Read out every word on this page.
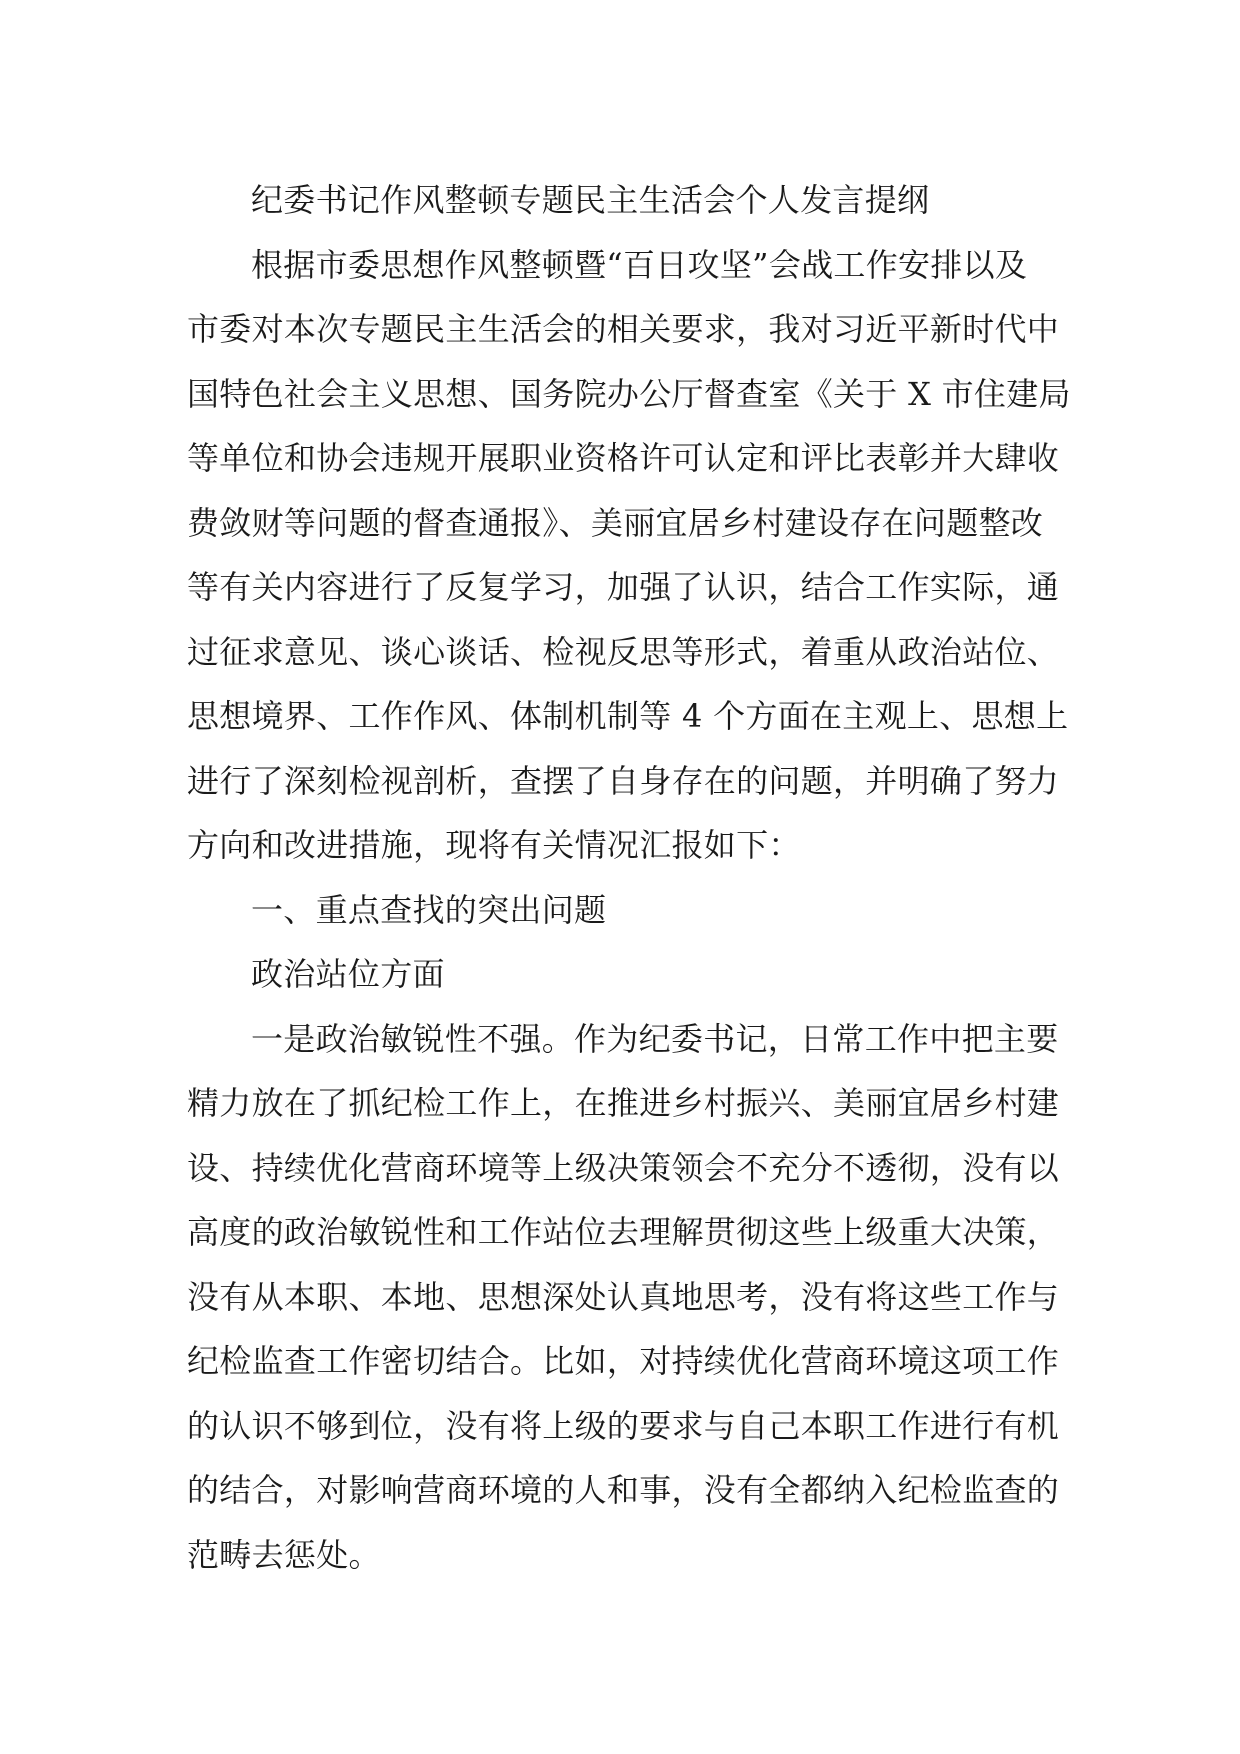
纪委书记作风整顿专题民主生活会个人发言提纲
根据市委思想作风整顿暨“百日攻坚”会战工作安排以及
市委对本次专题民主生活会的相关要求，我对习近平新时代中
国特色社会主义思想、国务院办公厅督查室《关于 X 市住建局
等单位和协会违规开展职业资格许可认定和评比表彰并大肆收
费敛财等问题的督查通报》、美丽宜居乡村建设存在问题整改
等有关内容进行了反复学习，加强了认识，结合工作实际，通
过征求意见、谈心谈话、检视反思等形式，着重从政治站位、
思想境界、工作作风、体制机制等 4 个方面在主观上、思想上
进行了深刻检视剖析，查摆了自身存在的问题，并明确了努力
方向和改进措施，现将有关情况汇报如下：
一、重点查找的突出问题
政治站位方面
一是政治敏锐性不强。作为纪委书记，日常工作中把主要
精力放在了抓纪检工作上，在推进乡村振兴、美丽宜居乡村建
设、持续优化营商环境等上级决策领会不充分不透彻，没有以
高度的政治敏锐性和工作站位去理解贯彻这些上级重大决策，
没有从本职、本地、思想深处认真地思考，没有将这些工作与
纪检监查工作密切结合。比如，对持续优化营商环境这项工作
的认识不够到位，没有将上级的要求与自己本职工作进行有机
的结合，对影响营商环境的人和事，没有全都纳入纪检监查的
范畴去惩处。
